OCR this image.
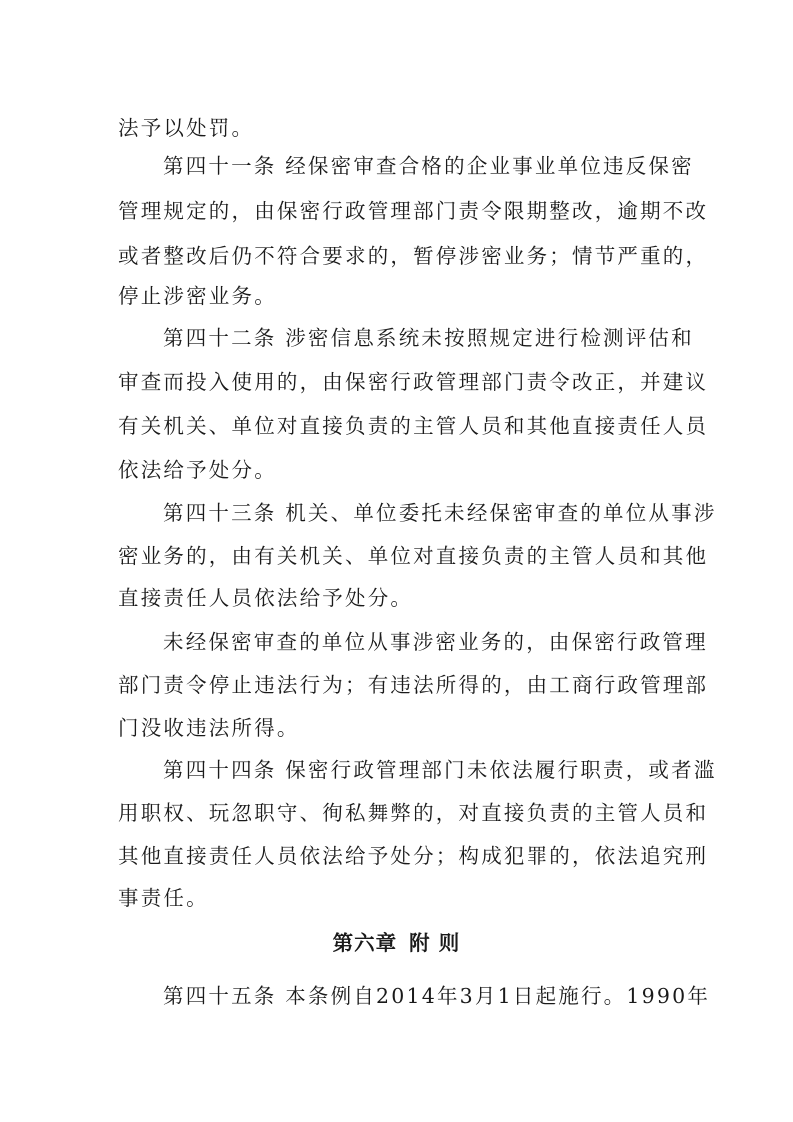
法予以处罚。
第四十一条 经保密审查合格的企业事业单位违反保密
管理规定的，由保密行政管理部门责令限期整改，逾期不改
或者整改后仍不符合要求的，暂停涉密业务；情节严重的，
停止涉密业务。
第四十二条 涉密信息系统未按照规定进行检测评估和
审查而投入使用的，由保密行政管理部门责令改正，并建议
有关机关、单位对直接负责的主管人员和其他直接责任人员
依法给予处分。
第四十三条 机关、单位委托未经保密审查的单位从事涉
密业务的，由有关机关、单位对直接负责的主管人员和其他
直接责任人员依法给予处分。
未经保密审查的单位从事涉密业务的，由保密行政管理
部门责令停止违法行为；有违法所得的，由工商行政管理部
门没收违法所得。
第四十四条 保密行政管理部门未依法履行职责，或者滥
用职权、玩忽职守、徇私舞弊的，对直接负责的主管人员和
其他直接责任人员依法给予处分；构成犯罪的，依法追究刑
事责任。
第六章 附 则
第四十五条 本条例自2014年3月1日起施行。1990年
